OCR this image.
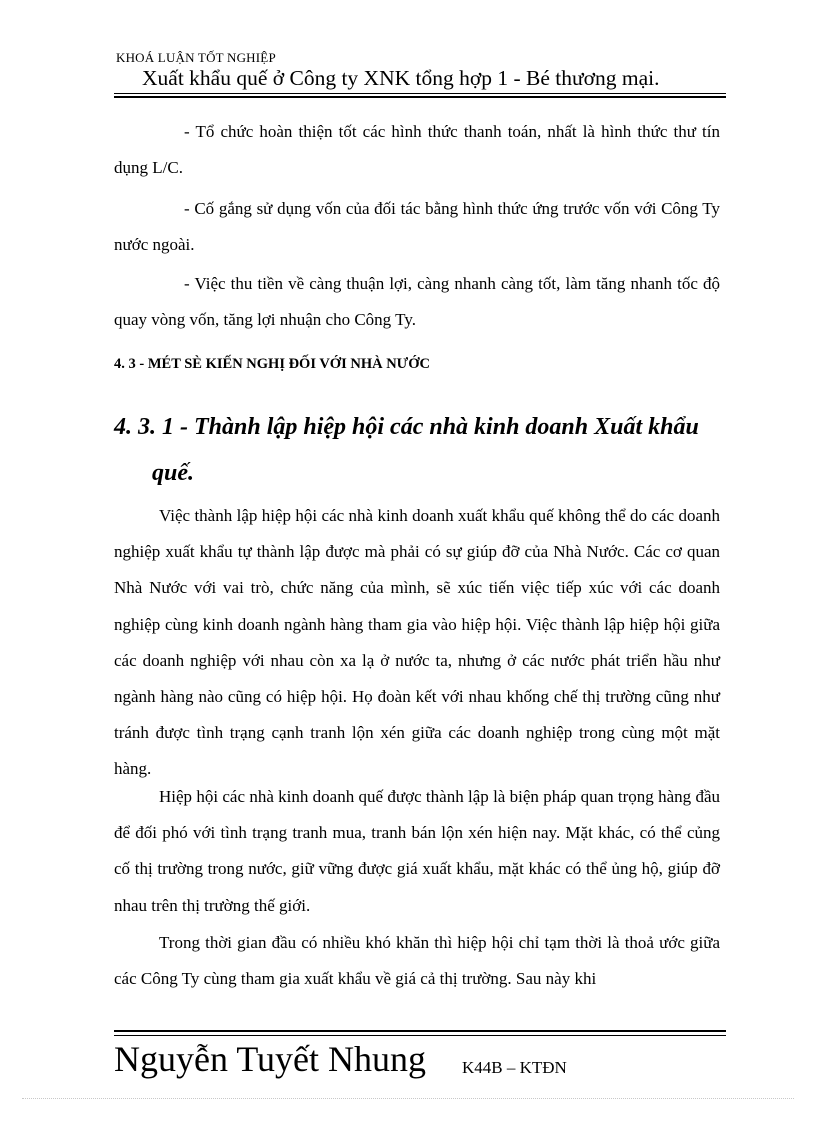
KHOÁ LUẬN TỐT NGHIỆP
Xuất khẩu quế ở Công ty XNK tổng hợp 1 - Bé thương mại.

- Tổ chức hoàn thiện tốt các hình thức thanh toán, nhất là hình thức thư tín dụng L/C.

- Cố gắng sử dụng vốn của đối tác bằng hình thức ứng trước vốn với Công Ty nước ngoài.

- Việc thu tiền về càng thuận lợi, càng nhanh càng tốt, làm tăng nhanh tốc độ quay vòng vốn, tăng lợi nhuận cho Công Ty.

4. 3 - MÉT SÈ KIẾN NGHỊ ĐỐI VỚI NHÀ NƯỚC

4. 3. 1 - Thành lập hiệp hội các nhà kinh doanh Xuất khẩu
quế.

Việc thành lập hiệp hội các nhà kinh doanh xuất khẩu quế không thể do các doanh nghiệp xuất khẩu tự thành lập được mà phải có sự giúp đỡ của Nhà Nước. Các cơ quan Nhà Nước với vai trò, chức năng của mình, sẽ xúc tiến việc tiếp xúc với các doanh nghiệp cùng kinh doanh ngành hàng tham gia vào hiệp hội. Việc thành lập hiệp hội giữa các doanh nghiệp với nhau còn xa lạ ở nước ta, nhưng ở các nước phát triển hầu như ngành hàng nào cũng có hiệp hội. Họ đoàn kết với nhau khống chế thị trường cũng như tránh được tình trạng cạnh tranh lộn xén giữa các doanh nghiệp trong cùng một mặt hàng.

Hiệp hội các nhà kinh doanh quế được thành lập là biện pháp quan trọng hàng đầu để đối phó với tình trạng tranh mua, tranh bán lộn xén hiện nay. Mặt khác, có thể củng cố thị trường trong nước, giữ vững được giá xuất khẩu, mặt khác có thể ủng hộ, giúp đỡ nhau trên thị trường thế giới.

Trong thời gian đầu có nhiều khó khăn thì hiệp hội chỉ tạm thời là thoả ước giữa các Công Ty cùng tham gia xuất khẩu về giá cả thị trường. Sau này khi

Nguyễn Tuyết Nhung K44B – KTĐN
